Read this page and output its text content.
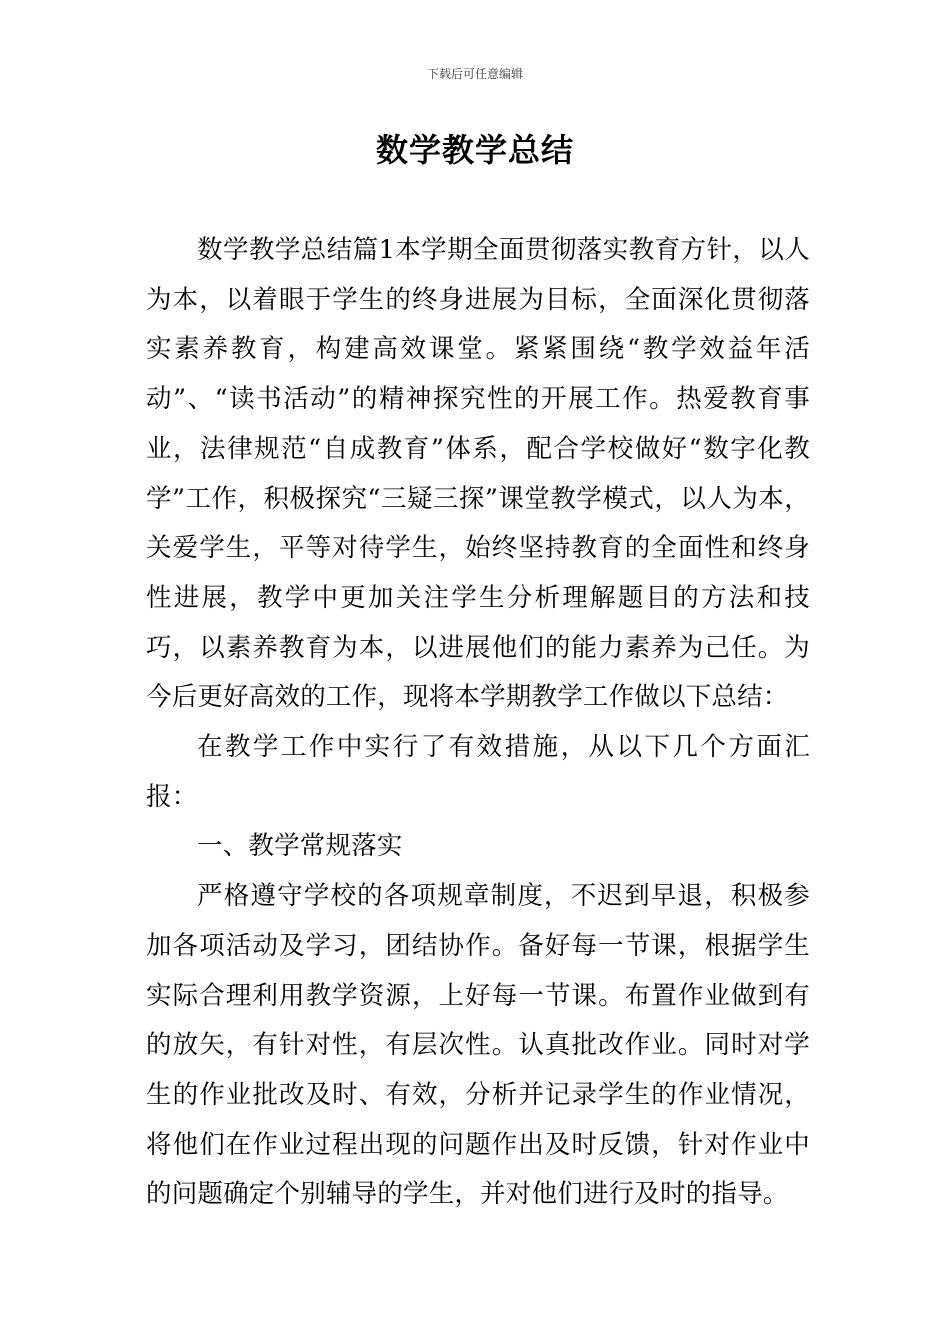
下载后可任意编辑
数学教学总结

数学教学总结篇1本学期全面贯彻落实教育方针，以人为本，以着眼于学生的终身进展为目标，全面深化贯彻落实素养教育，构建高效课堂。紧紧围绕“教学效益年活动”、“读书活动”的精神探究性的开展工作。热爱教育事业，法律规范“自成教育”体系，配合学校做好“数字化教学”工作，积极探究“三疑三探”课堂教学模式，以人为本，关爱学生，平等对待学生，始终坚持教育的全面性和终身性进展，教学中更加关注学生分析理解题目的方法和技巧，以素养教育为本，以进展他们的能力素养为己任。为今后更好高效的工作，现将本学期教学工作做以下总结：

在教学工作中实行了有效措施，从以下几个方面汇报：

一、教学常规落实

严格遵守学校的各项规章制度，不迟到早退，积极参加各项活动及学习，团结协作。备好每一节课，根据学生实际合理利用教学资源，上好每一节课。布置作业做到有的放矢，有针对性，有层次性。认真批改作业。同时对学生的作业批改及时、有效，分析并记录学生的作业情况，将他们在作业过程出现的问题作出及时反馈，针对作业中的问题确定个别辅导的学生，并对他们进行及时的指导。
